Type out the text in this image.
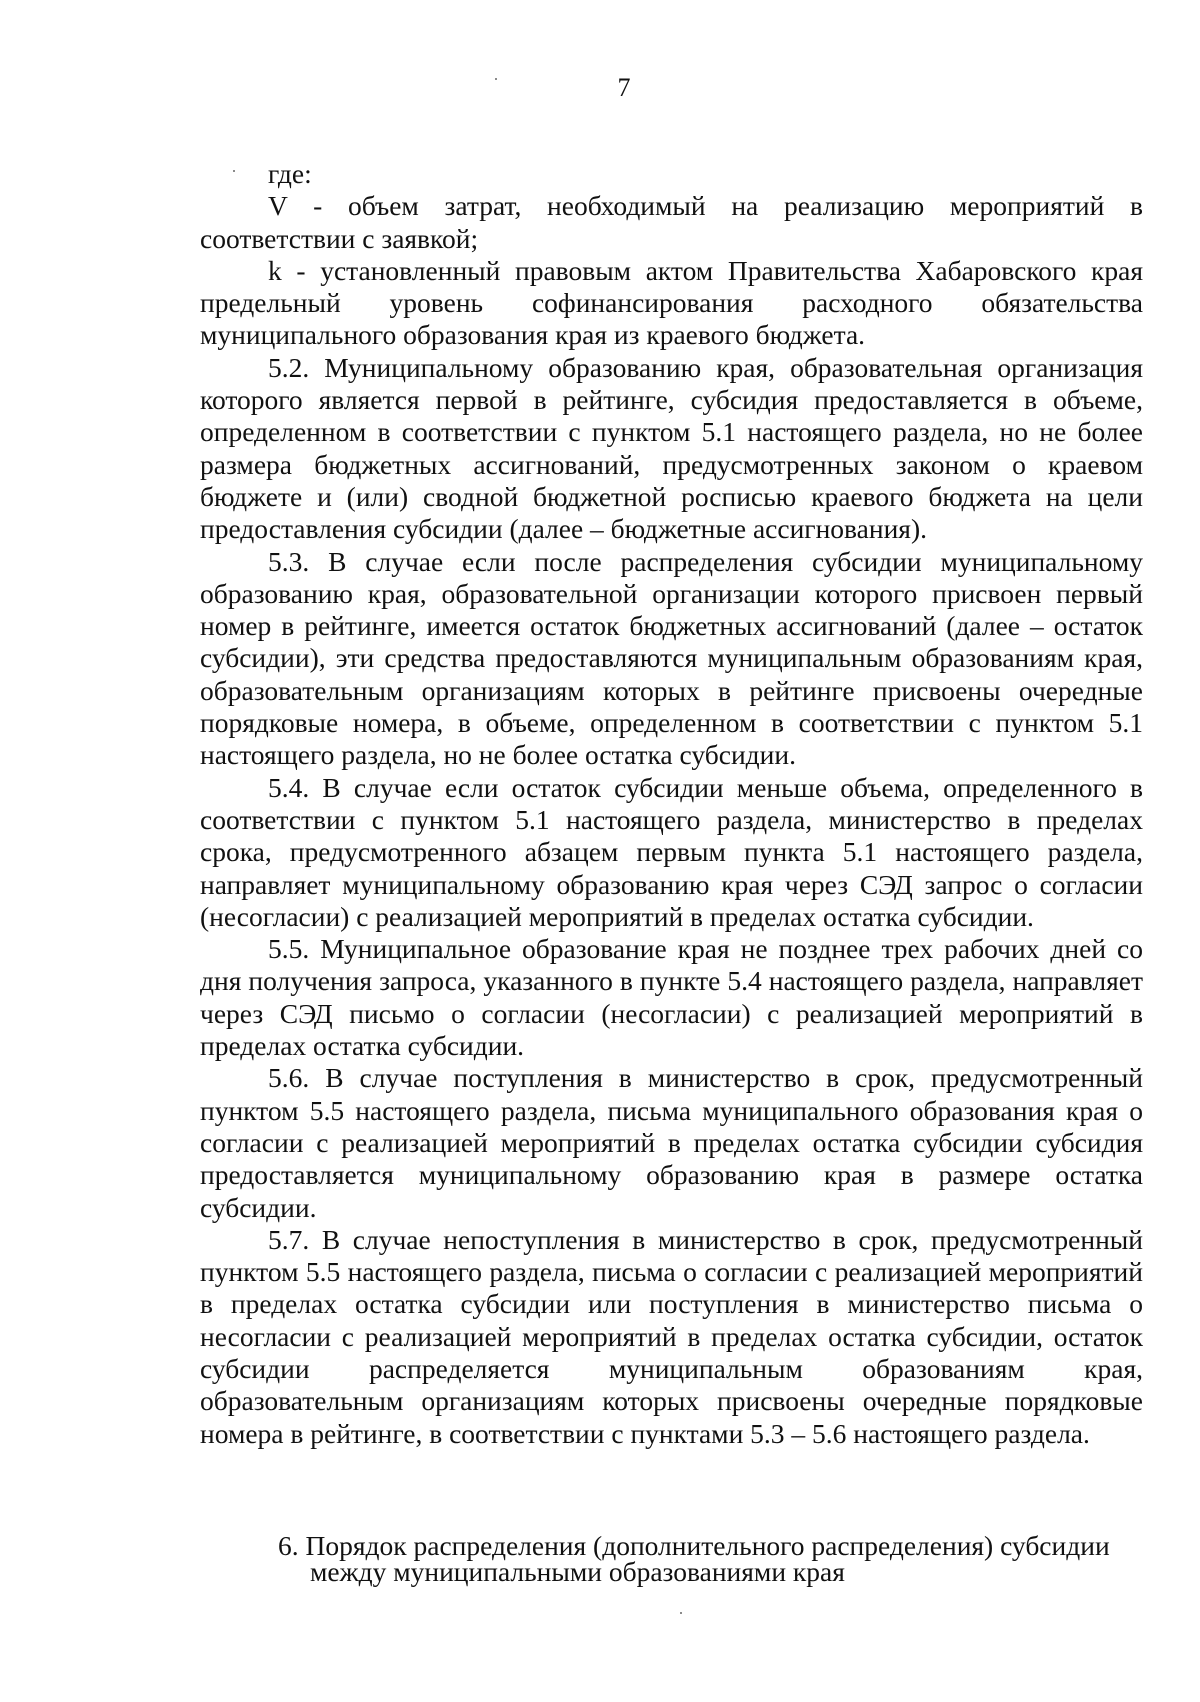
7

где:

V - объем затрат, необходимый на реализацию мероприятий в соответствии с заявкой;

k - установленный правовым актом Правительства Хабаровского края предельный уровень софинансирования расходного обязательства муниципального образования края из краевого бюджета.

5.2. Муниципальному образованию края, образовательная организация которого является первой в рейтинге, субсидия предоставляется в объеме, определенном в соответствии с пунктом 5.1 настоящего раздела, но не более размера бюджетных ассигнований, предусмотренных законом о краевом бюджете и (или) сводной бюджетной росписью краевого бюджета на цели предоставления субсидии (далее – бюджетные ассигнования).

5.3. В случае если после распределения субсидии муниципальному образованию края, образовательной организации которого присвоен первый номер в рейтинге, имеется остаток бюджетных ассигнований (далее – остаток субсидии), эти средства предоставляются муниципальным образованиям края, образовательным организациям которых в рейтинге присвоены очередные порядковые номера, в объеме, определенном в соответствии с пунктом 5.1 настоящего раздела, но не более остатка субсидии.

5.4. В случае если остаток субсидии меньше объема, определенного в соответствии с пунктом 5.1 настоящего раздела, министерство в пределах срока, предусмотренного абзацем первым пункта 5.1 настоящего раздела, направляет муниципальному образованию края через СЭД запрос о согласии (несогласии) с реализацией мероприятий в пределах остатка субсидии.

5.5. Муниципальное образование края не позднее трех рабочих дней со дня получения запроса, указанного в пункте 5.4 настоящего раздела, направляет через СЭД письмо о согласии (несогласии) с реализацией мероприятий в пределах остатка субсидии.

5.6. В случае поступления в министерство в срок, предусмотренный пунктом 5.5 настоящего раздела, письма муниципального образования края о согласии с реализацией мероприятий в пределах остатка субсидии субсидия предоставляется муниципальному образованию края в размере остатка субсидии.

5.7. В случае непоступления в министерство в срок, предусмотренный пунктом 5.5 настоящего раздела, письма о согласии с реализацией мероприятий в пределах остатка субсидии или поступления в министерство письма о несогласии с реализацией мероприятий в пределах остатка субсидии, остаток субсидии распределяется муниципальным образованиям края, образовательным организациям которых присвоены очередные порядковые номера в рейтинге, в соответствии с пунктами 5.3 – 5.6 настоящего раздела.

6. Порядок распределения (дополнительного распределения) субсидии
между муниципальными образованиями края
